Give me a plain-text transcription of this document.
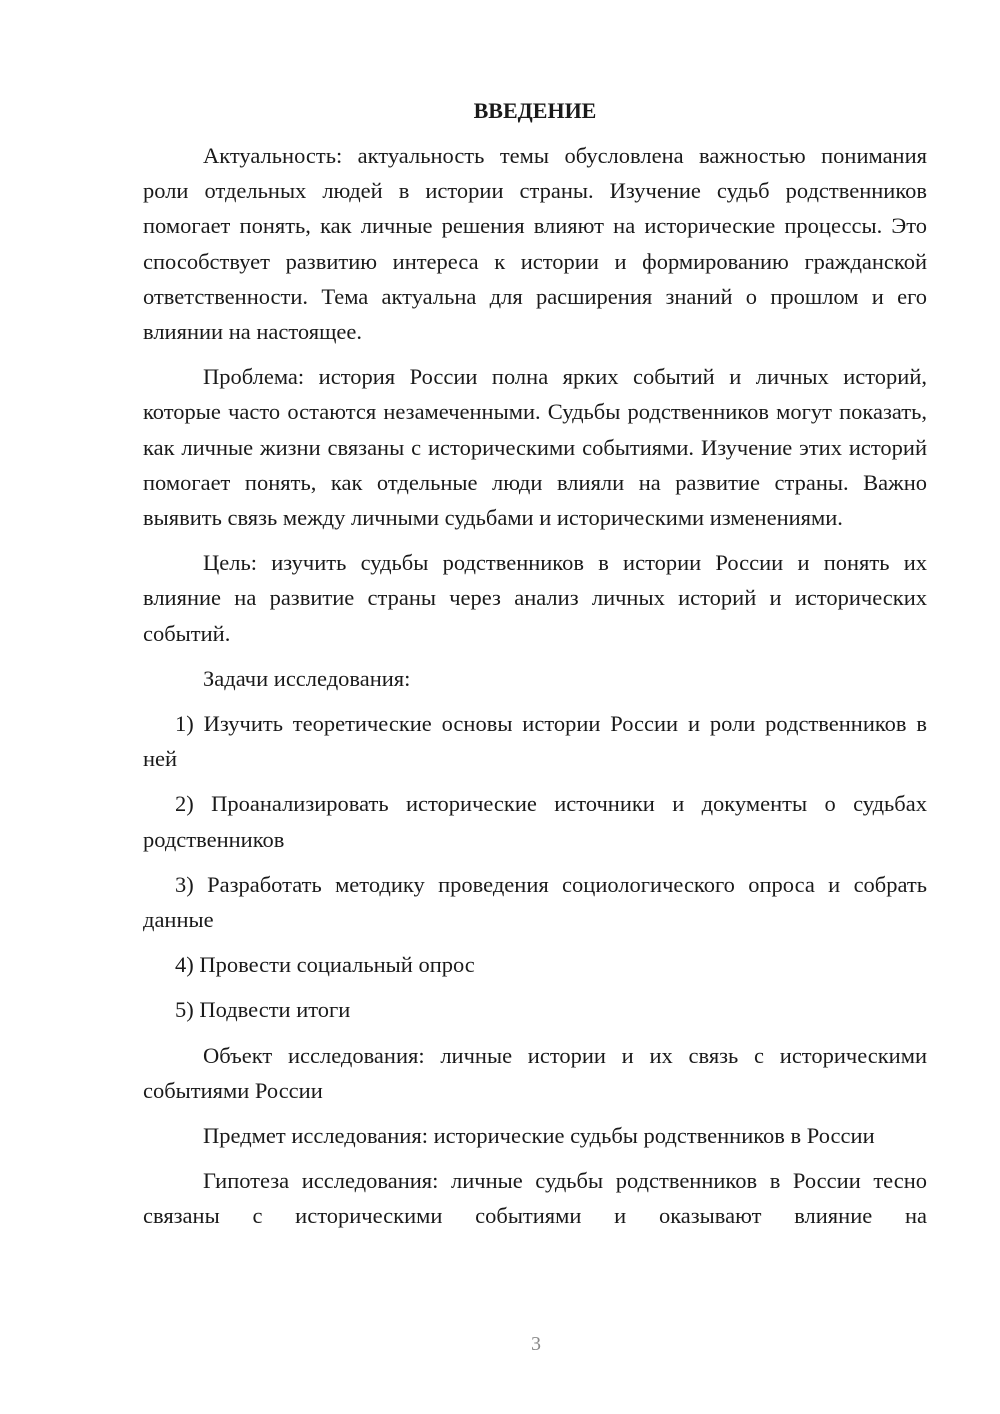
ВВЕДЕНИЕ

Актуальность: актуальность темы обусловлена важностью понимания роли отдельных людей в истории страны. Изучение судьб родственников помогает понять, как личные решения влияют на исторические процессы. Это способствует развитию интереса к истории и формированию гражданской ответственности. Тема актуальна для расширения знаний о прошлом и его влиянии на настоящее.

Проблема: история России полна ярких событий и личных историй, которые часто остаются незамеченными. Судьбы родственников могут показать, как личные жизни связаны с историческими событиями. Изучение этих историй помогает понять, как отдельные люди влияли на развитие страны. Важно выявить связь между личными судьбами и историческими изменениями.

Цель: изучить судьбы родственников в истории России и понять их влияние на развитие страны через анализ личных историй и исторических событий.

Задачи исследования:

1) Изучить теоретические основы истории России и роли родственников в ней

2) Проанализировать исторические источники и документы о судьбах родственников

3) Разработать методику проведения социологического опроса и собрать данные

4) Провести социальный опрос

5) Подвести итоги

Объект исследования: личные истории и их связь с историческими событиями России

Предмет исследования: исторические судьбы родственников в России

Гипотеза исследования: личные судьбы родственников в России тесно связаны с историческими событиями и оказывают влияние на

3
